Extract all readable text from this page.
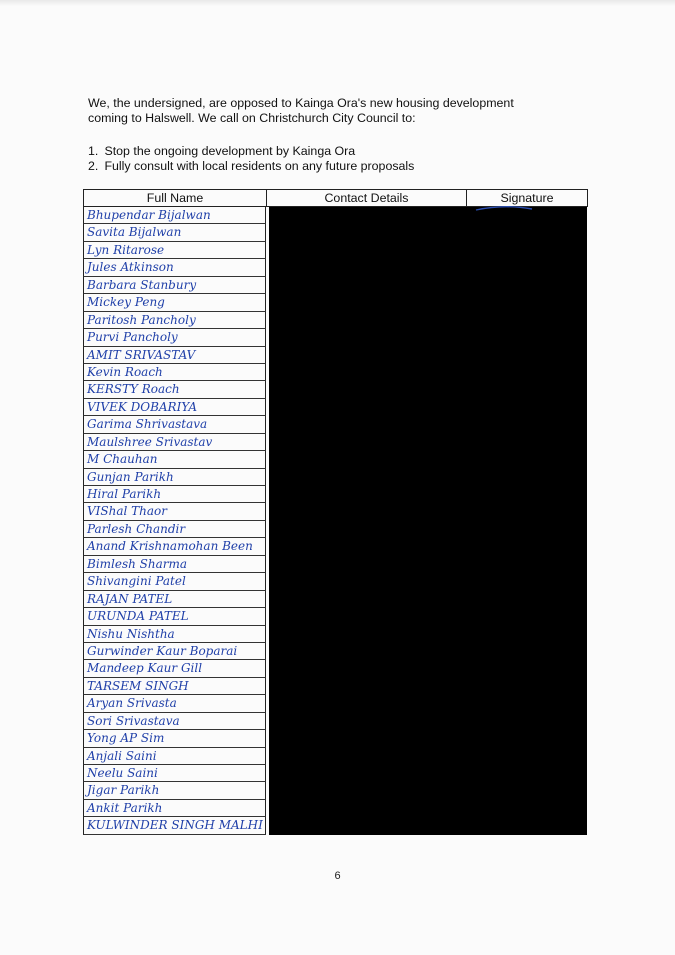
We, the undersigned, are opposed to Kainga Ora's new housing development

coming to Halswell. We call on Christchurch City Council to:

1. Stop the ongoing development by Kainga Ora
2. Fully consult with local residents on any future proposals
Full Name	Contact Details	Signature
Bhupendar Bijalwan
Savita Bijalwan
Lyn Ritarose
Jules Atkinson
Barbara Stanbury
Mickey Peng
Paritosh Pancholy
Purvi Pancholy
AMIT SRIVASTAV
Kevin Roach
KERSTY Roach
VIVEK DOBARIYA
Garima Shrivastava
Maulshree Srivastav
M Chauhan
Gunjan Parikh
Hiral Parikh
VIShal Thaor
Parlesh Chandir
Anand Krishnamohan Been
Bimlesh Sharma
Shivangini Patel
RAJAN PATEL
URUNDA PATEL
Nishu Nishtha
Gurwinder Kaur Boparai
Mandeep Kaur Gill
TARSEM SINGH
Aryan Srivasta
Sori Srivastava
Yong AP Sim
Anjali Saini
Neelu Saini
Jigar Parikh
Ankit Parikh
KULWINDER SINGH MALHI
6
